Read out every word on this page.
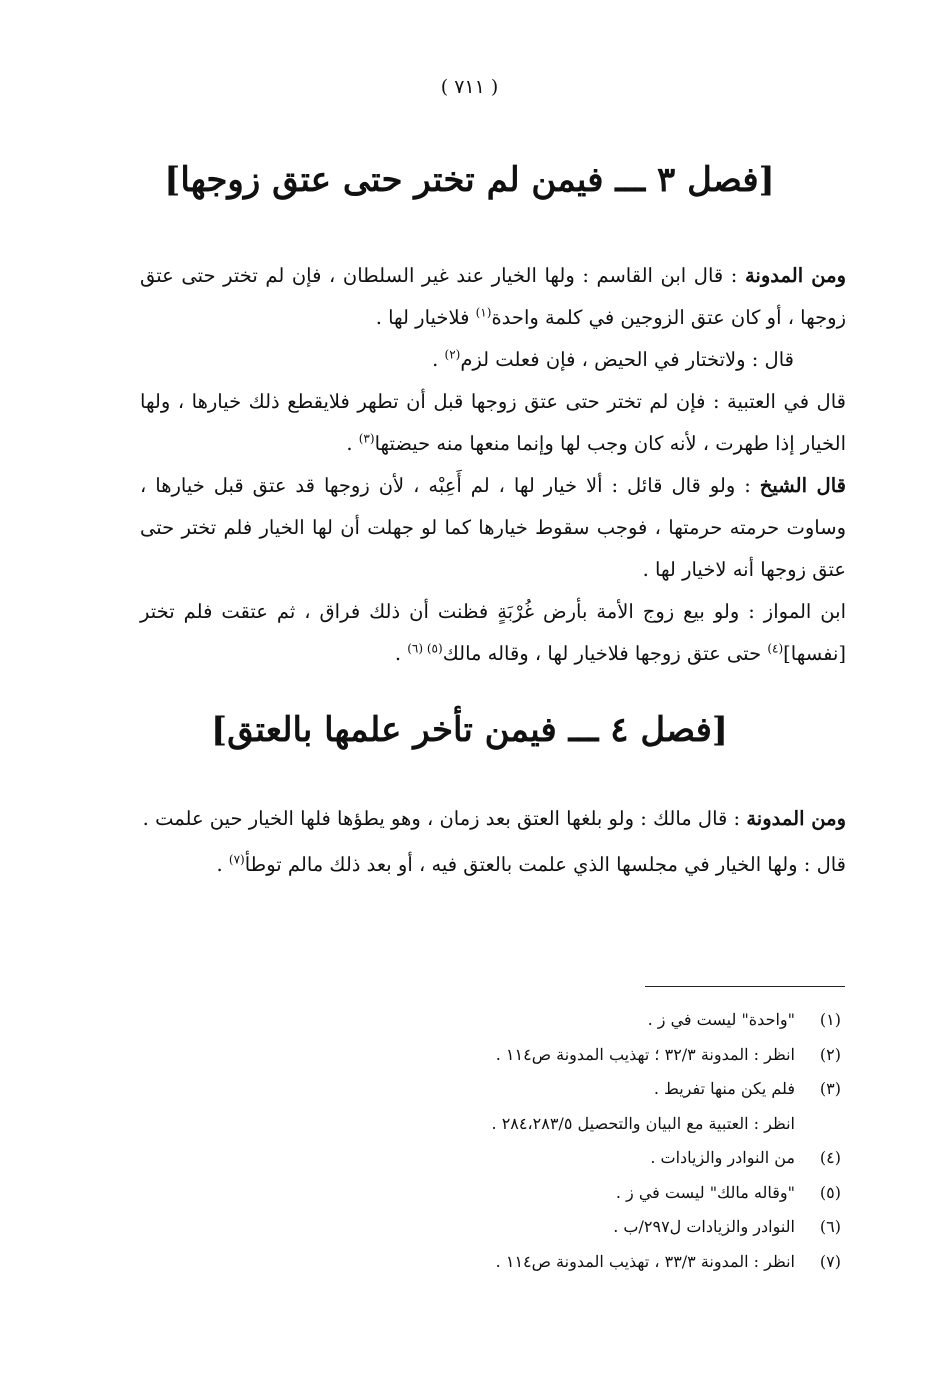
( ٧١١ )
[فصل ٣ ـــ فيمن لم تختر حتى عتق زوجها]

ومن المدونة : قال ابن القاسم : ولها الخيار عند غير السلطان ، فإن لم تختر حتى عتق زوجها ، أو كان عتق الزوجين في كلمة واحدة$^{(١)}$ فلاخيار لها .

قال : ولاتختار في الحيض ، فإن فعلت لزم$^{(٢)}$ .

قال في العتبية : فإن لم تختر حتى عتق زوجها قبل أن تطهر فلايقطع ذلك خيارها ، ولها الخيار إذا طهرت ، لأنه كان وجب لها وإنما منعها منه حيضتها$^{(٣)}$ .

قال الشيخ : ولو قال قائل : ألا خيار لها ، لم أَعِبْه ، لأن زوجها قد عتق قبل خيارها ، وساوت حرمته حرمتها ، فوجب سقوط خيارها كما لو جهلت أن لها الخيار فلم تختر حتى عتق زوجها أنه لاخيار لها .

ابن المواز : ولو بيع زوج الأمة بأرض غُرْبَةٍ فظنت أن ذلك فراق ، ثم عتقت فلم تختر [نفسها]$^{(٤)}$ حتى عتق زوجها فلاخيار لها ، وقاله مالك$^{(٥) (٦)}$ .

[فصل ٤ ـــ فيمن تأخر علمها بالعتق]

ومن المدونة : قال مالك : ولو بلغها العتق بعد زمان ، وهو يطؤها فلها الخيار حين علمت .

قال : ولها الخيار في مجلسها الذي علمت بالعتق فيه ، أو بعد ذلك مالم توطأ$^{(٧)}$ .

(١)
"واحدة" ليست في ز .
(٢)
انظر : المدونة ٣٢/٣ ؛ تهذيب المدونة ص١١٤ .
(٣)
فلم يكن منها تفريط .
انظر : العتبية مع البيان والتحصيل ٢٨٤،٢٨٣/٥ .
(٤)
من النوادر والزيادات .
(٥)
"وقاله مالك" ليست في ز .
(٦)
النوادر والزيادات ل٢٩٧/ب .
(٧)
انظر : المدونة ٣٣/٣ ، تهذيب المدونة ص١١٤ .
